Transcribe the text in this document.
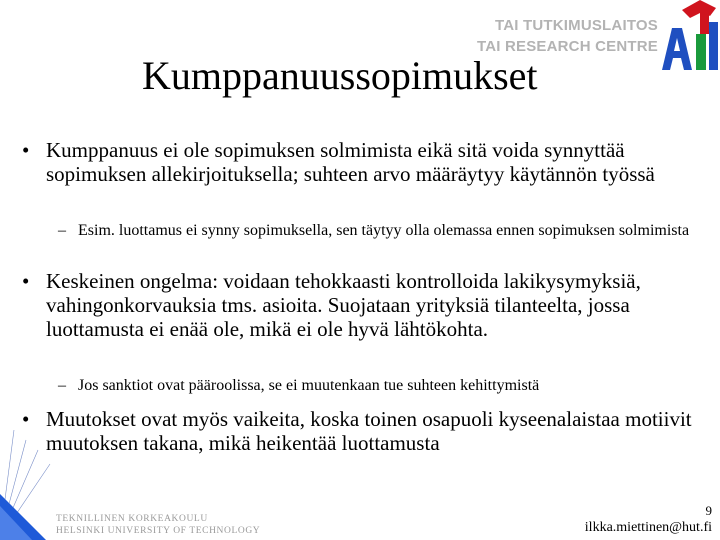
TAI TUTKIMUSLAITOS
TAI RESEARCH CENTRE
Kumppanuussopimukset
• Kumppanuus ei ole sopimuksen solmimista eikä sitä voida synnyttää sopimuksen allekirjoituksella; suhteen arvo määräytyy käytännön työssä
– Esim. luottamus ei synny sopimuksella, sen täytyy olla olemassa ennen sopimuksen solmimista
• Keskeinen ongelma: voidaan tehokkaasti kontrolloida lakikysymyksiä, vahingonkorvauksia tms. asioita. Suojataan yrityksiä tilanteelta, jossa luottamusta ei enää ole, mikä ei ole hyvä lähtökohta.
– Jos sanktiot ovat pääroolissa, se ei muutenkaan tue suhteen kehittymistä
• Muutokset ovat myös vaikeita, koska toinen osapuoli kyseenalaistaa motiivit muutoksen takana, mikä heikentää luottamusta
TEKNILLINEN KORKEAKOULU
HELSINKI UNIVERSITY OF TECHNOLOGY
9
ilkka.miettinen@hut.fi
